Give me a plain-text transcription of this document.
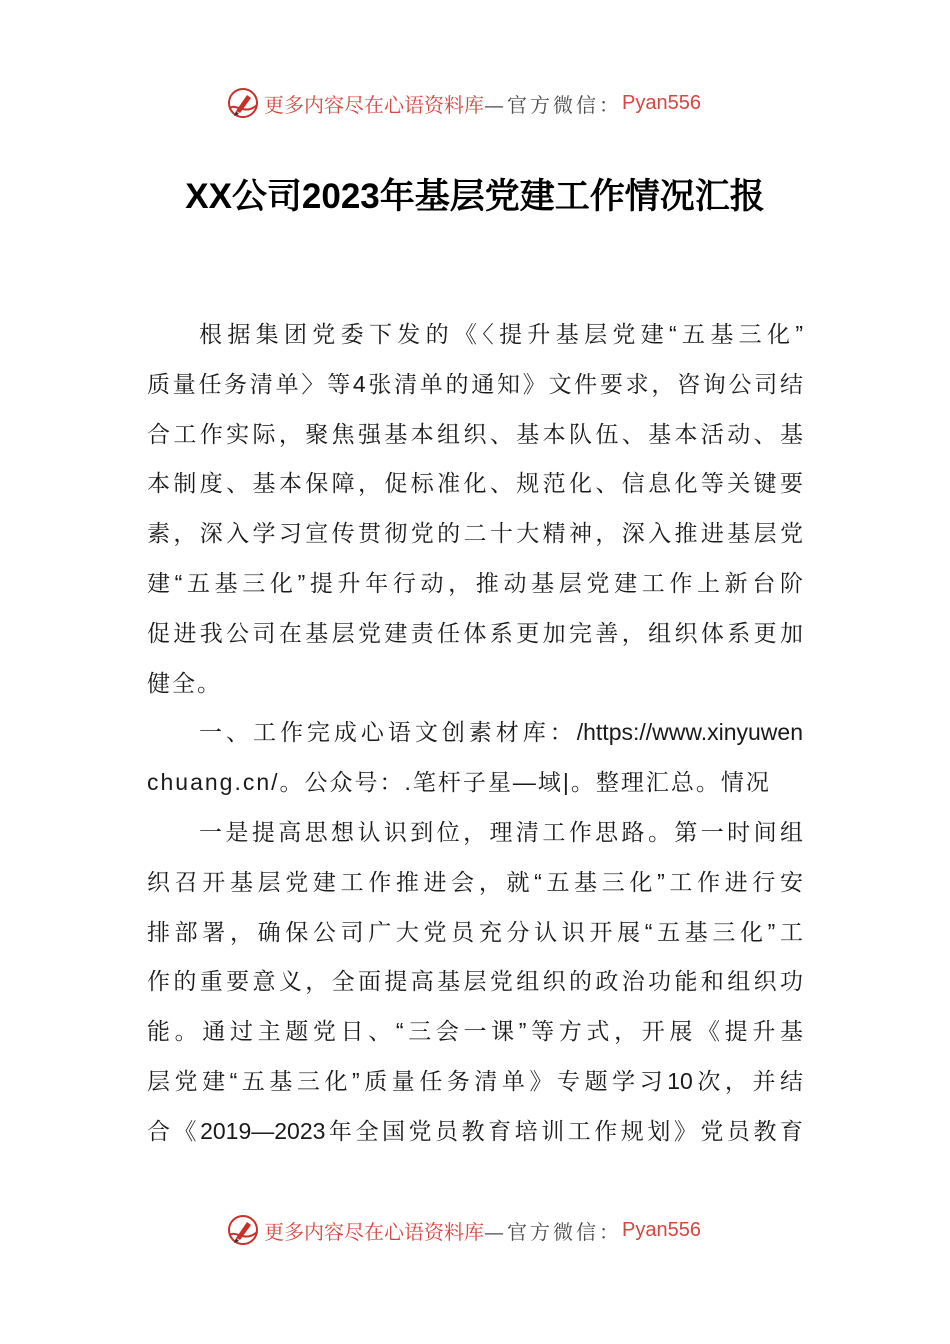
更多内容尽在心语资料库 —官方微信： Pyan556
XX公司2023年基层党建工作情况汇报
根据集团党委下发的《〈提升基层党建“五基三化”
质量任务清单〉等4张清单的通知》文件要求，咨询公司结
合工作实际，聚焦强基本组织、基本队伍、基本活动、基
本制度、基本保障，促标准化、规范化、信息化等关键要
素，深入学习宣传贯彻党的二十大精神，深入推进基层党
建“五基三化”提升年行动，推动基层党建工作上新台阶
促进我公司在基层党建责任体系更加完善，组织体系更加
健全。
一、工作完成心语文创素材库：/https://www.xinyuwen
chuang.cn/。公众号：.笔杆子星—域|。整理汇总。情况
一是提高思想认识到位，理清工作思路。第一时间组
织召开基层党建工作推进会，就“五基三化”工作进行安
排部署，确保公司广大党员充分认识开展“五基三化”工
作的重要意义，全面提高基层党组织的政治功能和组织功
能。通过主题党日、“三会一课”等方式，开展《提升基
层党建“五基三化”质量任务清单》专题学习10次，并结
合《2019—2023年全国党员教育培训工作规划》党员教育
更多内容尽在心语资料库 —官方微信： Pyan556
